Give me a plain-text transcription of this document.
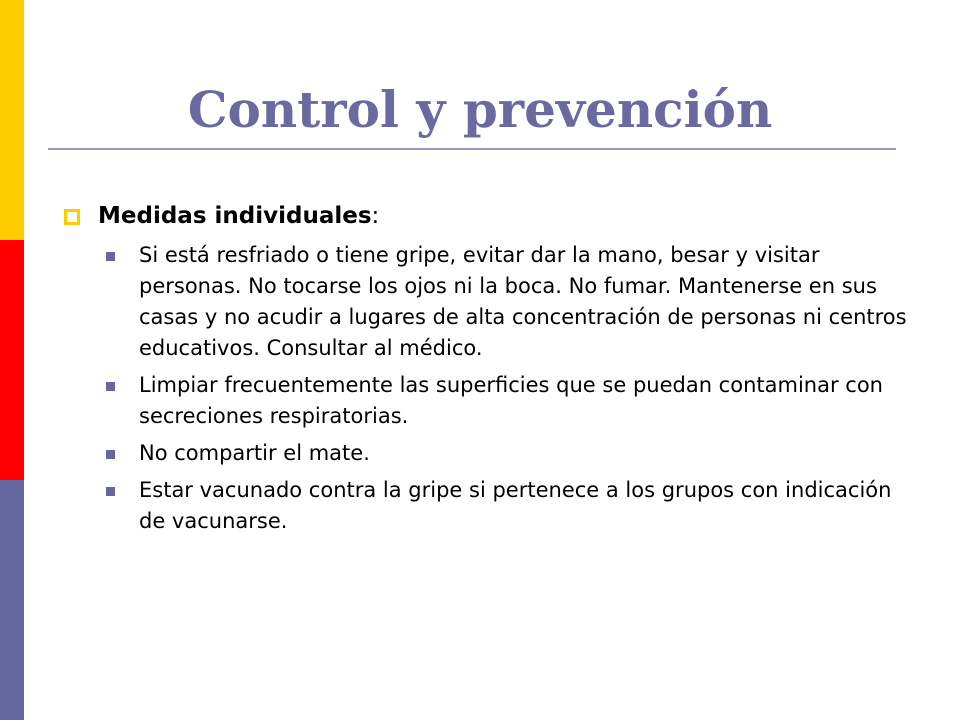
Control y prevención
Medidas individuales:
Si está resfriado o tiene gripe, evitar dar la mano, besar y visitar personas. No tocarse los ojos ni la boca. No fumar. Mantenerse en sus casas y no acudir a lugares de alta concentración de personas ni centros educativos. Consultar al médico.
Limpiar frecuentemente las superficies que se puedan contaminar con secreciones respiratorias.
No compartir el mate.
Estar vacunado contra la gripe si pertenece a los grupos con indicación de vacunarse.
